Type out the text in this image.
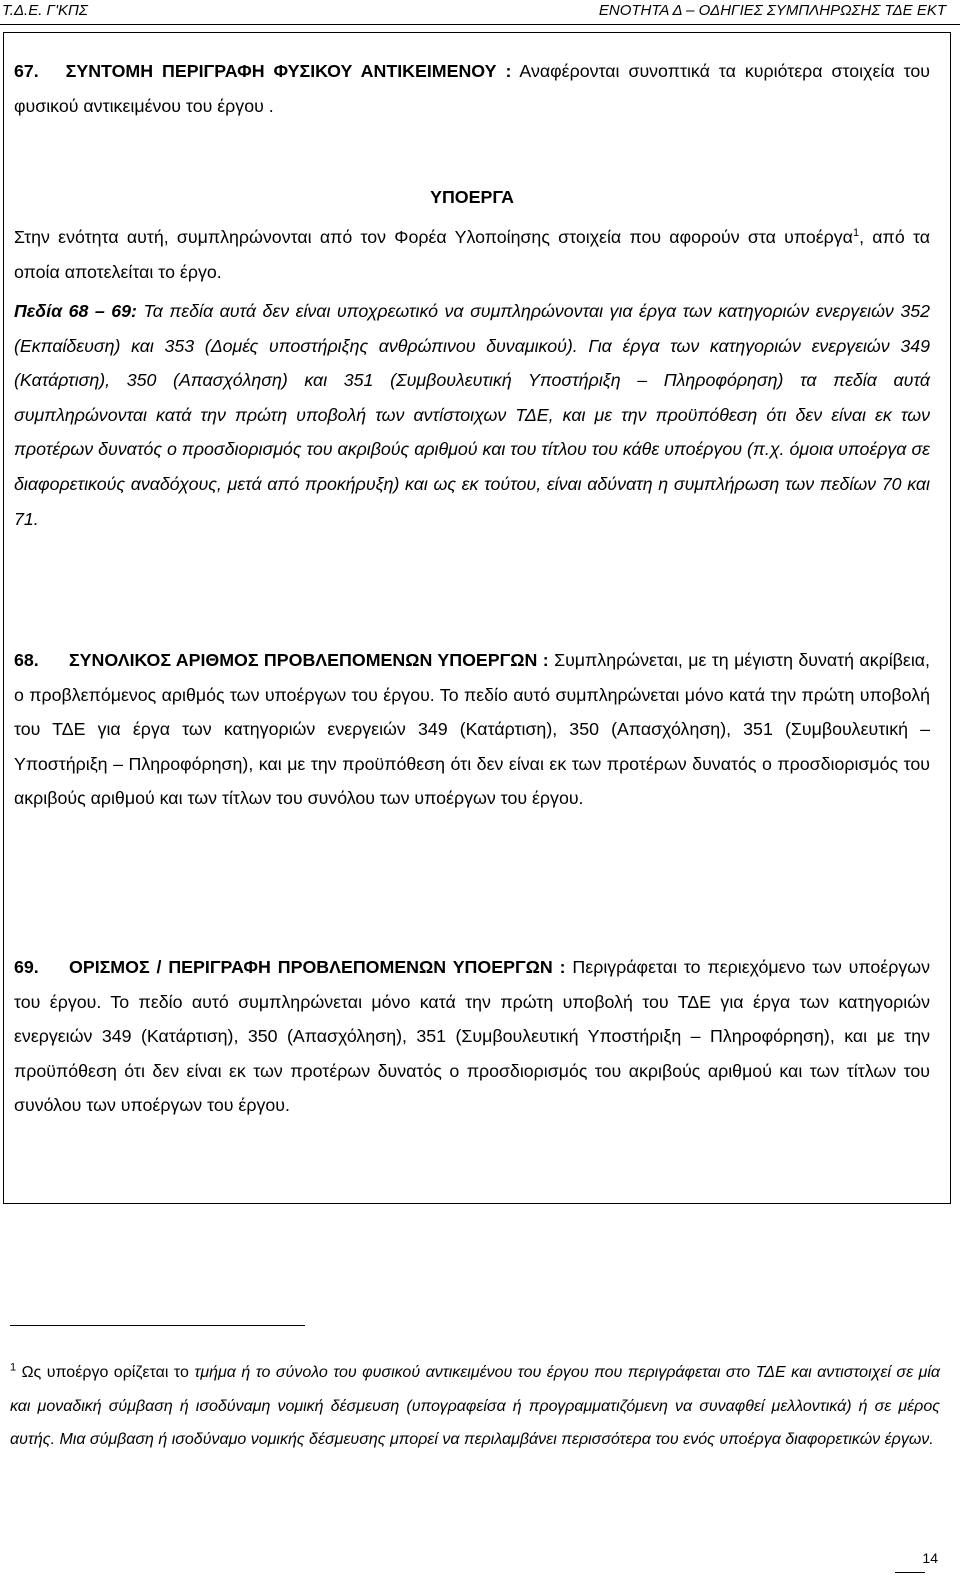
Τ.Δ.Ε. Γ'ΚΠΣ	ΕΝΟΤΗΤΑ Δ – ΟΔΗΓΙΕΣ ΣΥΜΠΛΗΡΩΣΗΣ ΤΔΕ ΕΚΤ
67. ΣΥΝΤΟΜΗ ΠΕΡΙΓΡΑΦΗ ΦΥΣΙΚΟΥ ΑΝΤΙΚΕΙΜΕΝΟΥ : Αναφέρονται συνοπτικά τα κυριότερα στοιχεία του φυσικού αντικειμένου του έργου .
ΥΠΟΕΡΓΑ
Στην ενότητα αυτή, συμπληρώνονται από τον Φορέα Υλοποίησης στοιχεία που αφορούν στα υποέργα$^1$, από τα οποία αποτελείται το έργο.
Πεδία 68 – 69: Τα πεδία αυτά δεν είναι υποχρεωτικό να συμπληρώνονται για έργα των κατηγοριών ενεργειών 352 (Εκπαίδευση) και 353 (Δομές υποστήριξης ανθρώπινου δυναμικού). Για έργα των κατηγοριών ενεργειών 349 (Κατάρτιση), 350 (Απασχόληση) και 351 (Συμβουλευτική Υποστήριξη – Πληροφόρηση) τα πεδία αυτά συμπληρώνονται κατά την πρώτη υποβολή των αντίστοιχων ΤΔΕ, και με την προϋπόθεση ότι δεν είναι εκ των προτέρων δυνατός ο προσδιορισμός του ακριβούς αριθμού και του τίτλου του κάθε υποέργου (π.χ. όμοια υποέργα σε διαφορετικούς αναδόχους, μετά από προκήρυξη) και ως εκ τούτου, είναι αδύνατη η συμπλήρωση των πεδίων 70 και 71.
68. ΣΥΝΟΛΙΚΟΣ ΑΡΙΘΜΟΣ ΠΡΟΒΛΕΠΟΜΕΝΩΝ ΥΠΟΕΡΓΩΝ : Συμπληρώνεται, με τη μέγιστη δυνατή ακρίβεια, ο προβλεπόμενος αριθμός των υποέργων του έργου. Το πεδίο αυτό συμπληρώνεται μόνο κατά την πρώτη υποβολή του ΤΔΕ για έργα των κατηγοριών ενεργειών 349 (Κατάρτιση), 350 (Απασχόληση), 351 (Συμβουλευτική – Υποστήριξη – Πληροφόρηση), και με την προϋπόθεση ότι δεν είναι εκ των προτέρων δυνατός ο προσδιορισμός του ακριβούς αριθμού και των τίτλων του συνόλου των υποέργων του έργου.
69. ΟΡΙΣΜΟΣ / ΠΕΡΙΓΡΑΦΗ ΠΡΟΒΛΕΠΟΜΕΝΩΝ ΥΠΟΕΡΓΩΝ : Περιγράφεται το περιεχόμενο των υποέργων του έργου. Το πεδίο αυτό συμπληρώνεται μόνο κατά την πρώτη υποβολή του ΤΔΕ για έργα των κατηγοριών ενεργειών 349 (Κατάρτιση), 350 (Απασχόληση), 351 (Συμβουλευτική Υποστήριξη – Πληροφόρηση), και με την προϋπόθεση ότι δεν είναι εκ των προτέρων δυνατός ο προσδιορισμός του ακριβούς αριθμού και των τίτλων του συνόλου των υποέργων του έργου.
$^1$ Ως υποέργο ορίζεται το τμήμα ή το σύνολο του φυσικού αντικειμένου του έργου που περιγράφεται στο ΤΔΕ και αντιστοιχεί σε μία και μοναδική σύμβαση ή ισοδύναμη νομική δέσμευση (υπογραφείσα ή προγραμματιζόμενη να συναφθεί μελλοντικά) ή σε μέρος αυτής. Μια σύμβαση ή ισοδύναμο νομικής δέσμευσης μπορεί να περιλαμβάνει περισσότερα του ενός υποέργα διαφορετικών έργων.
14
